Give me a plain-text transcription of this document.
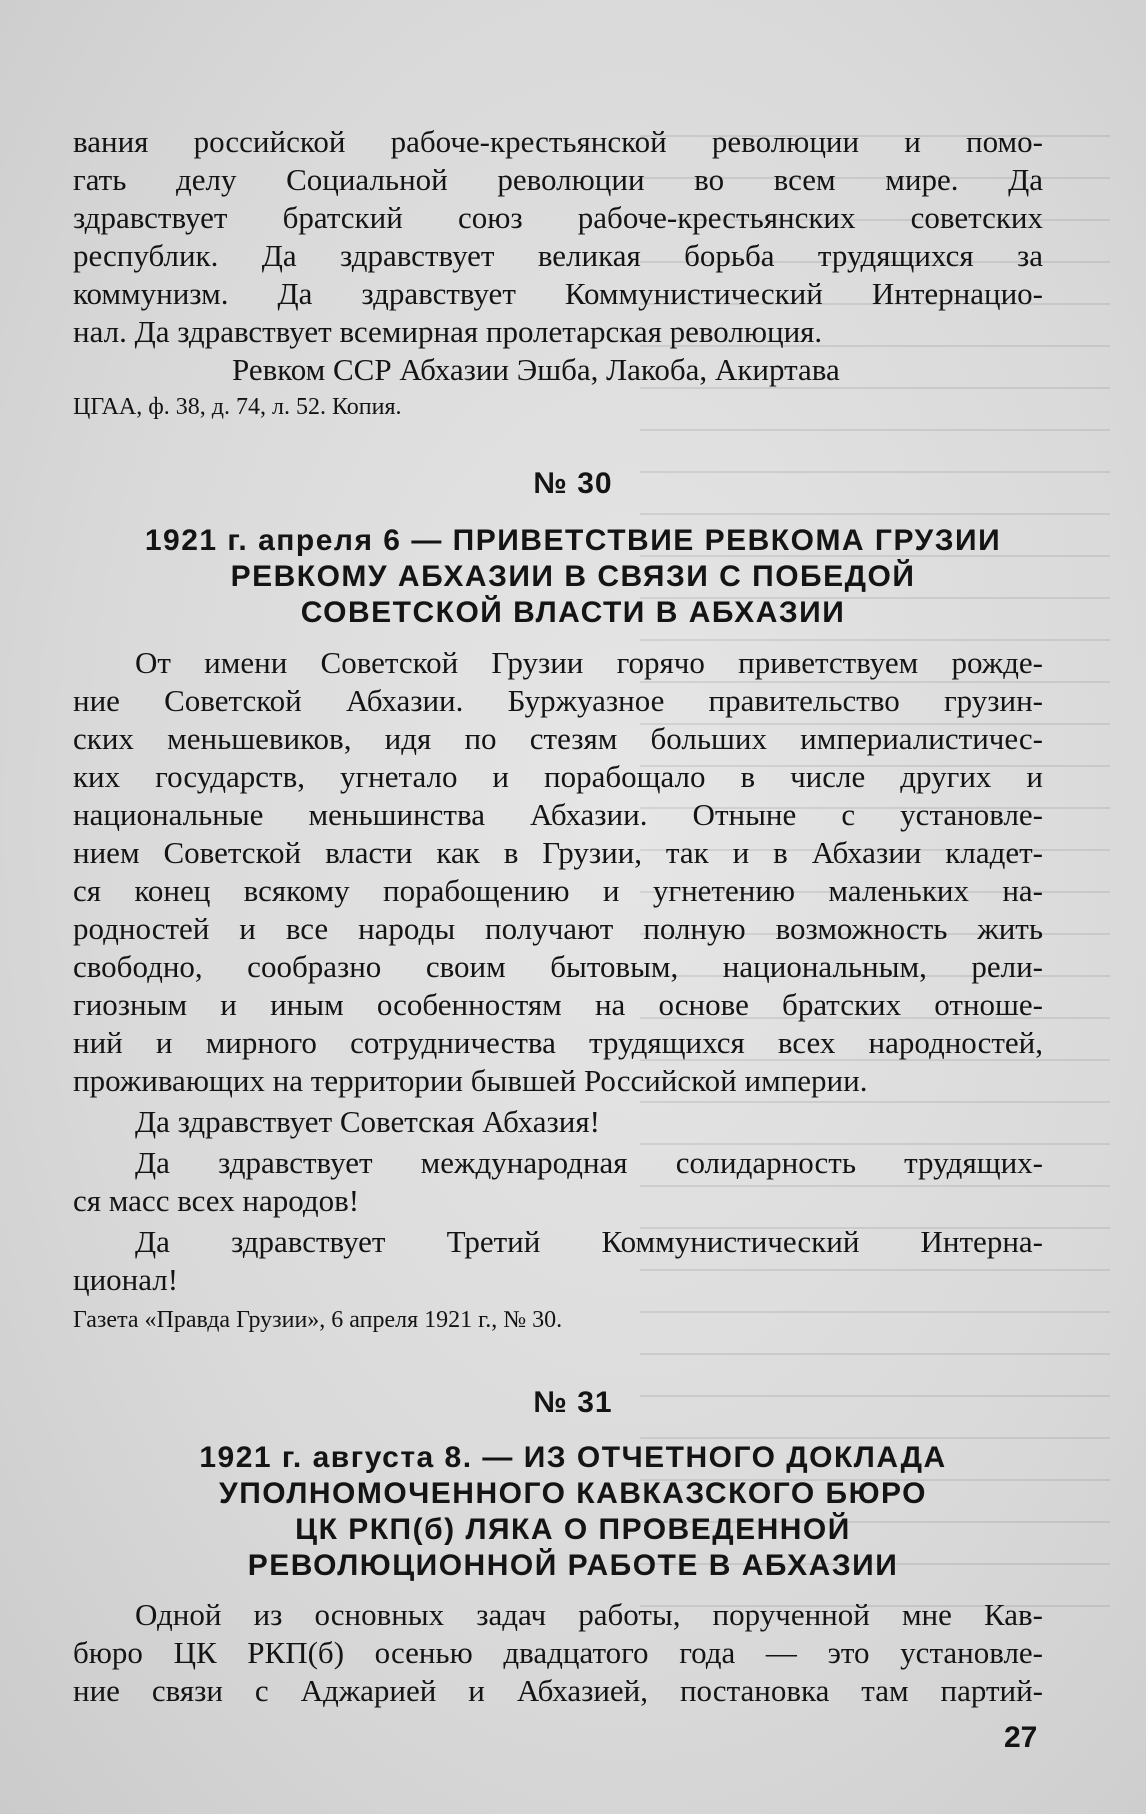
вания российской рабоче-крестьянской революции и помо-
гать делу Социальной революции во всем мире. Да
здравствует братский союз рабоче-крестьянских советских
республик. Да здравствует великая борьба трудящихся за
коммунизм. Да здравствует Коммунистический Интернацио-
нал. Да здравствует всемирная пролетарская революция.
Ревком ССР Абхазии Эшба, Лакоба, Акиртава
ЦГАА, ф. 38, д. 74, л. 52. Копия.
№ 30
1921 г. апреля 6 — ПРИВЕТСТВИЕ РЕВКОМА ГРУЗИИ
РЕВКОМУ АБХАЗИИ В СВЯЗИ С ПОБЕДОЙ
СОВЕТСКОЙ ВЛАСТИ В АБХАЗИИ
От имени Советской Грузии горячо приветствуем рожде-
ние Советской Абхазии. Буржуазное правительство грузин-
ских меньшевиков, идя по стезям больших империалистичес-
ких государств, угнетало и порабощало в числе других и
национальные меньшинства Абхазии. Отныне с установле-
нием Советской власти как в Грузии, так и в Абхазии кладет-
ся конец всякому порабощению и угнетению маленьких на-
родностей и все народы получают полную возможность жить
свободно, сообразно своим бытовым, национальным, рели-
гиозным и иным особенностям на основе братских отноше-
ний и мирного сотрудничества трудящихся всех народностей,
проживающих на территории бывшей Российской империи.
Да здравствует Советская Абхазия!
Да здравствует международная солидарность трудящих-
ся масс всех народов!
Да здравствует Третий Коммунистический Интерна-
ционал!
Газета «Правда Грузии», 6 апреля 1921 г., № 30.
№ 31
1921 г. августа 8. — ИЗ ОТЧЕТНОГО ДОКЛАДА
УПОЛНОМОЧЕННОГО КАВКАЗСКОГО БЮРО
ЦК РКП(б) ЛЯКА О ПРОВЕДЕННОЙ
РЕВОЛЮЦИОННОЙ РАБОТЕ В АБХАЗИИ
Одной из основных задач работы, порученной мне Кав-
бюро ЦК РКП(б) осенью двадцатого года — это установле-
ние связи с Аджарией и Абхазией, постановка там партий-
27
